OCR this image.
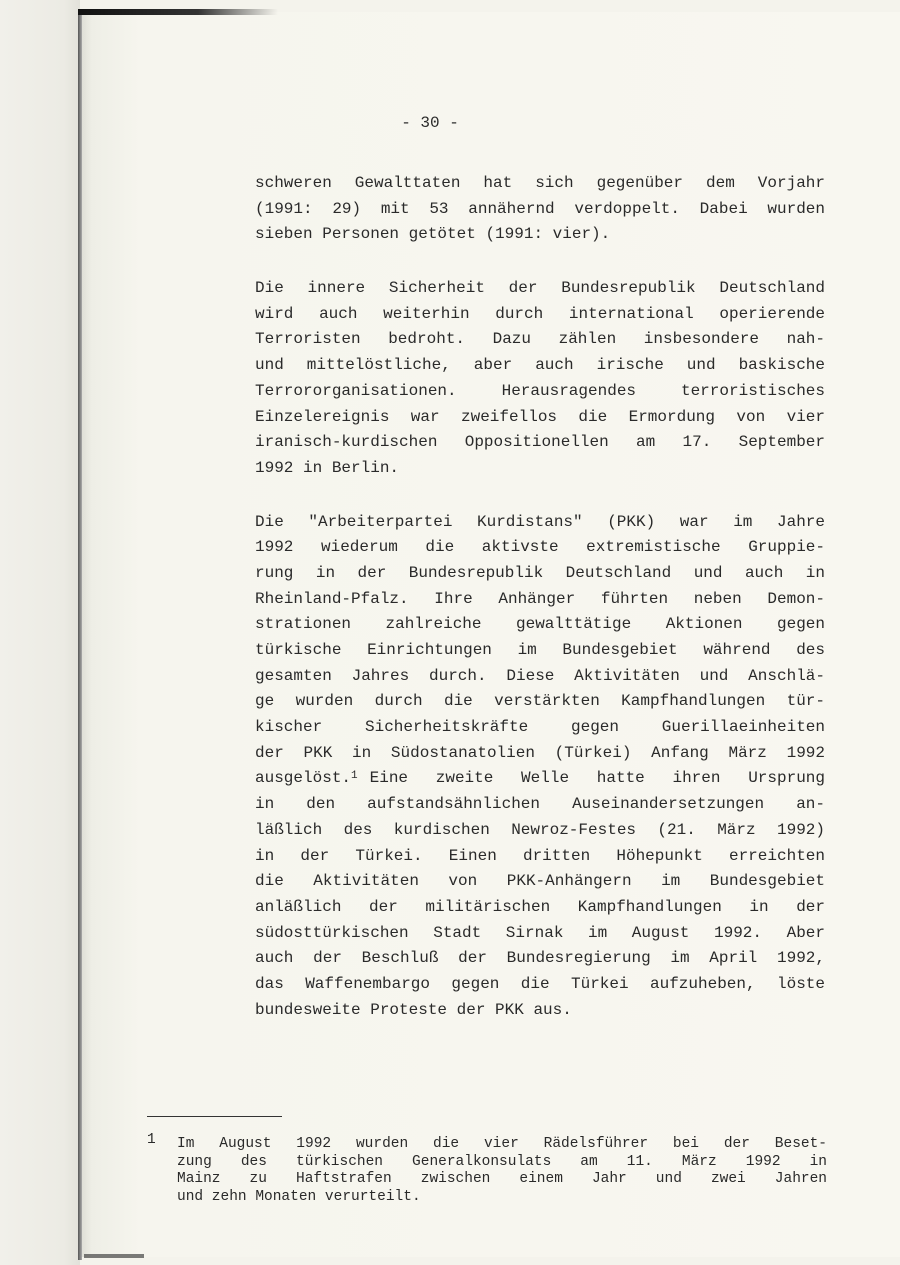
- 30 -
schweren Gewalttaten hat sich gegenüber dem Vorjahr
(1991: 29) mit 53 annähernd verdoppelt. Dabei wurden
sieben Personen getötet (1991: vier).
Die innere Sicherheit der Bundesrepublik Deutschland
wird auch weiterhin durch international operierende
Terroristen bedroht. Dazu zählen insbesondere nah-
und mittelöstliche, aber auch irische und baskische
Terrororganisationen. Herausragendes terroristisches
Einzelereignis war zweifellos die Ermordung von vier
iranisch-kurdischen Oppositionellen am 17. September
1992 in Berlin.
Die "Arbeiterpartei Kurdistans" (PKK) war im Jahre
1992 wiederum die aktivste extremistische Gruppie-
rung in der Bundesrepublik Deutschland und auch in
Rheinland-Pfalz. Ihre Anhänger führten neben Demon-
strationen zahlreiche gewalttätige Aktionen gegen
türkische Einrichtungen im Bundesgebiet während des
gesamten Jahres durch. Diese Aktivitäten und Anschlä-
ge wurden durch die verstärkten Kampfhandlungen tür-
kischer Sicherheitskräfte gegen Guerillaeinheiten
der PKK in Südostanatolien (Türkei) Anfang März 1992
ausgelöst.$^1$ Eine zweite Welle hatte ihren Ursprung
in den aufstandsähnlichen Auseinandersetzungen an-
läßlich des kurdischen Newroz-Festes (21. März 1992)
in der Türkei. Einen dritten Höhepunkt erreichten
die Aktivitäten von PKK-Anhängern im Bundesgebiet
anläßlich der militärischen Kampfhandlungen in der
südosttürkischen Stadt Sirnak im August 1992. Aber
auch der Beschluß der Bundesregierung im April 1992,
das Waffenembargo gegen die Türkei aufzuheben, löste
bundesweite Proteste der PKK aus.
1 Im August 1992 wurden die vier Rädelsführer bei der Beset-
zung des türkischen Generalkonsulats am 11. März 1992 in
Mainz zu Haftstrafen zwischen einem Jahr und zwei Jahren
und zehn Monaten verurteilt.
